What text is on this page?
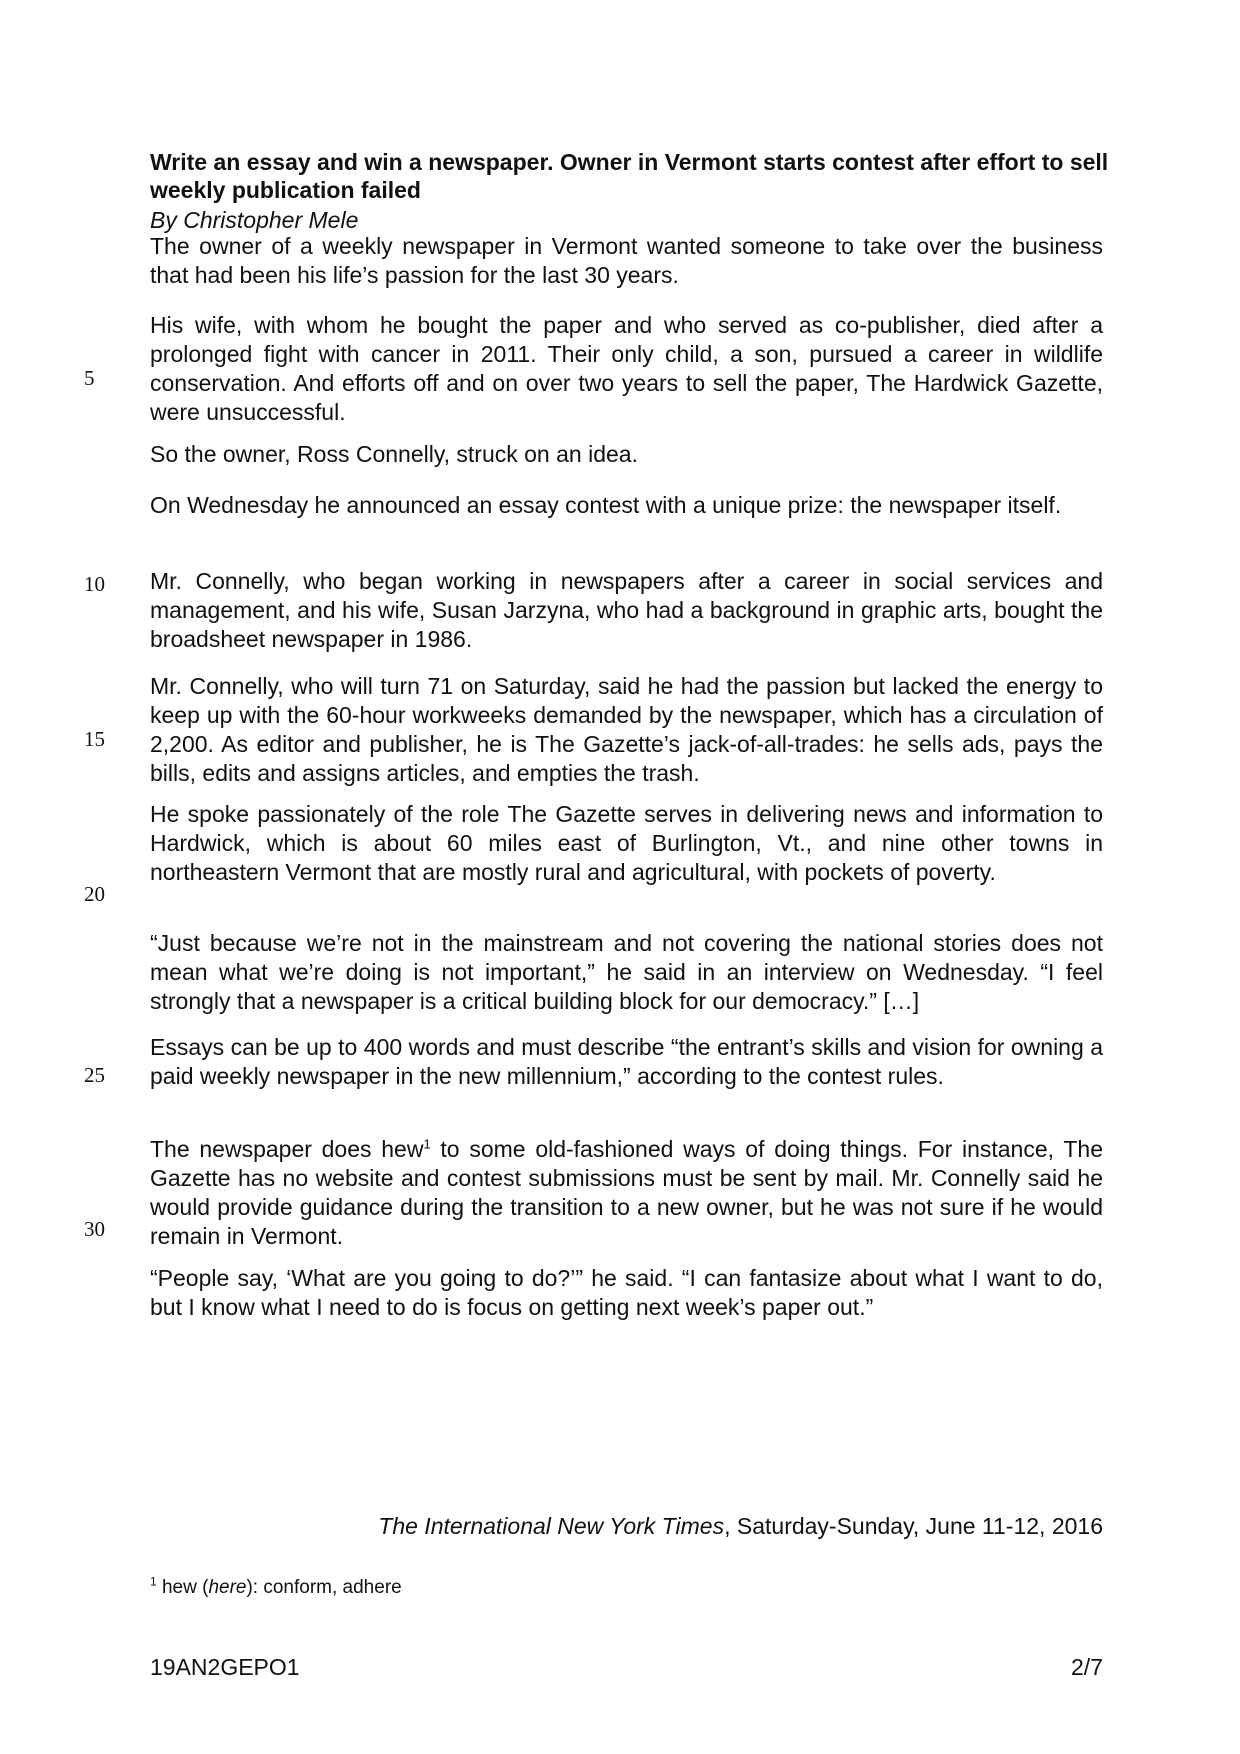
Write an essay and win a newspaper. Owner in Vermont starts contest after effort to sell weekly publication failed
By Christopher Mele

The owner of a weekly newspaper in Vermont wanted someone to take over the business that had been his life’s passion for the last 30 years.

His wife, with whom he bought the paper and who served as co-publisher, died after a prolonged fight with cancer in 2011. Their only child, a son, pursued a career in wildlife conservation. And efforts off and on over two years to sell the paper, The Hardwick Gazette, were unsuccessful.

So the owner, Ross Connelly, struck on an idea.

On Wednesday he announced an essay contest with a unique prize: the newspaper itself.

Mr. Connelly, who began working in newspapers after a career in social services and management, and his wife, Susan Jarzyna, who had a background in graphic arts, bought the broadsheet newspaper in 1986.

Mr. Connelly, who will turn 71 on Saturday, said he had the passion but lacked the energy to keep up with the 60-hour workweeks demanded by the newspaper, which has a circulation of 2,200. As editor and publisher, he is The Gazette’s jack-of-all-trades: he sells ads, pays the bills, edits and assigns articles, and empties the trash.

He spoke passionately of the role The Gazette serves in delivering news and information to Hardwick, which is about 60 miles east of Burlington, Vt., and nine other towns in northeastern Vermont that are mostly rural and agricultural, with pockets of poverty.

“Just because we’re not in the mainstream and not covering the national stories does not mean what we’re doing is not important,” he said in an interview on Wednesday. “I feel strongly that a newspaper is a critical building block for our democracy.” […]

Essays can be up to 400 words and must describe “the entrant’s skills and vision for owning a paid weekly newspaper in the new millennium,” according to the contest rules.

The newspaper does hew$^1$ to some old-fashioned ways of doing things. For instance, The Gazette has no website and contest submissions must be sent by mail. Mr. Connelly said he would provide guidance during the transition to a new owner, but he was not sure if he would remain in Vermont.

“People say, ‘What are you going to do?’” he said. “I can fantasize about what I want to do, but I know what I need to do is focus on getting next week’s paper out.”

5
10
15
20
25
30
The International New York Times, Saturday-Sunday, June 11-12, 2016
$^1$ hew (here): conform, adhere
19AN2GEPO1	2/7
